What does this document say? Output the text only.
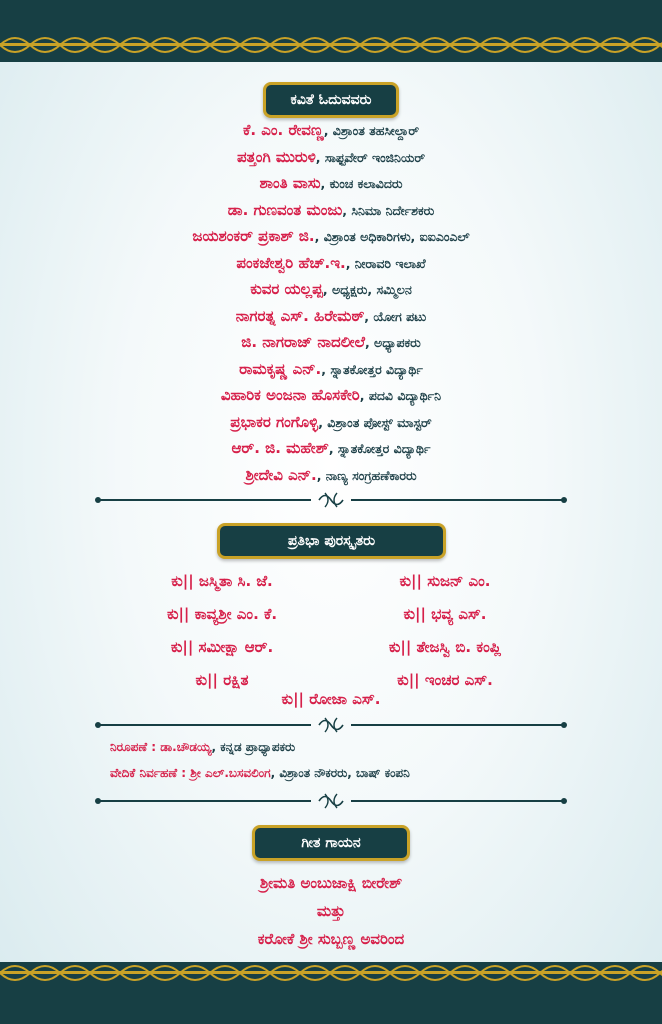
ಕವಿತೆ ಓದುವವರು
ಕೆ. ಎಂ. ರೇವಣ್ಣ, ವಿಶ್ರಾಂತ ತಹಸೀಲ್ದಾರ್
ಪತ್ತಂಗಿ ಮುರುಳಿ, ಸಾಫ್ಟವೇರ್ ಇಂಜಿನಿಯರ್
ಶಾಂತಿ ವಾಸು, ಕುಂಚ ಕಲಾವಿದರು
ಡಾ. ಗುಣವಂತ ಮಂಜು, ಸಿನಿಮಾ ನಿರ್ದೇಶಕರು
ಜಯಶಂಕರ್ ಪ್ರಕಾಶ್ ಜಿ., ವಿಶ್ರಾಂತ ಅಧಿಕಾರಿಗಳು, ಐಐಎಂಎಲ್
ಪಂಕಜೇಶ್ವರಿ ಹೆಚ್.ಇ., ನೀರಾವರಿ ಇಲಾಖೆ
ಕುವರ ಯಲ್ಲಪ್ಪ, ಅಧ್ಯಕ್ಷರು, ಸಮ್ಮಿಲನ
ನಾಗರತ್ನ ಎಸ್. ಹಿರೇಮಠ್, ಯೋಗ ಪಟು
ಜಿ. ನಾಗರಾಜ್ ನಾದಲೀಲೆ, ಅಧ್ಯಾಪಕರು
ರಾಮಕೃಷ್ಣ ಎನ್., ಸ್ನಾತಕೋತ್ತರ ವಿದ್ಯಾರ್ಥಿ
ವಿಹಾರಿಕ ಅಂಜನಾ ಹೊಸಕೇರಿ, ಪದವಿ ವಿದ್ಯಾರ್ಥಿನಿ
ಪ್ರಭಾಕರ ಗಂಗೊಳ್ಳಿ, ವಿಶ್ರಾಂತ ಪೋಸ್ಟ್ ಮಾಸ್ಟರ್
ಆರ್. ಜಿ. ಮಹೇಶ್, ಸ್ನಾತಕೋತ್ತರ ವಿದ್ಯಾರ್ಥಿ
ಶ್ರೀದೇವಿ ಎನ್., ನಾಣ್ಯ ಸಂಗ್ರಹಣೆಕಾರರು
ಪ್ರತಿಭಾ ಪುರಸ್ಕೃತರು
ಕು|| ಜಸ್ಮಿತಾ ಸಿ. ಜೆ.
ಕು|| ಕಾವ್ಯಶ್ರೀ ಎಂ. ಕೆ.
ಕು|| ಸಮೀಕ್ಷಾ ಆರ್.
ಕು|| ರಕ್ಷಿತ
ಕು|| ಸುಜನ್ ಎಂ.
ಕು|| ಭವ್ಯ ಎಸ್.
ಕು|| ತೇಜಸ್ವಿ ಬಿ. ಕಂಪ್ಲಿ
ಕು|| ಇಂಚರ ಎಸ್.
ಕು|| ರೋಜಾ ಎಸ್.
ನಿರೂಪಣೆ : ಡಾ.ಚೌಡಯ್ಯ, ಕನ್ನಡ ಪ್ರಾಧ್ಯಾಪಕರು
ವೇದಿಕೆ ನಿರ್ವಹಣೆ : ಶ್ರೀ ಎಲ್.ಬಸವಲಿಂಗ, ವಿಶ್ರಾಂತ ನೌಕರರು, ಬಾಷ್ ಕಂಪನಿ
ಗೀತ ಗಾಯನ
ಶ್ರೀಮತಿ ಅಂಬುಜಾಕ್ಷಿ ಬೀರೇಶ್
ಮತ್ತು
ಕರೋಕೆ ಶ್ರೀ ಸುಬ್ಬಣ್ಣ ಅವರಿಂದ
